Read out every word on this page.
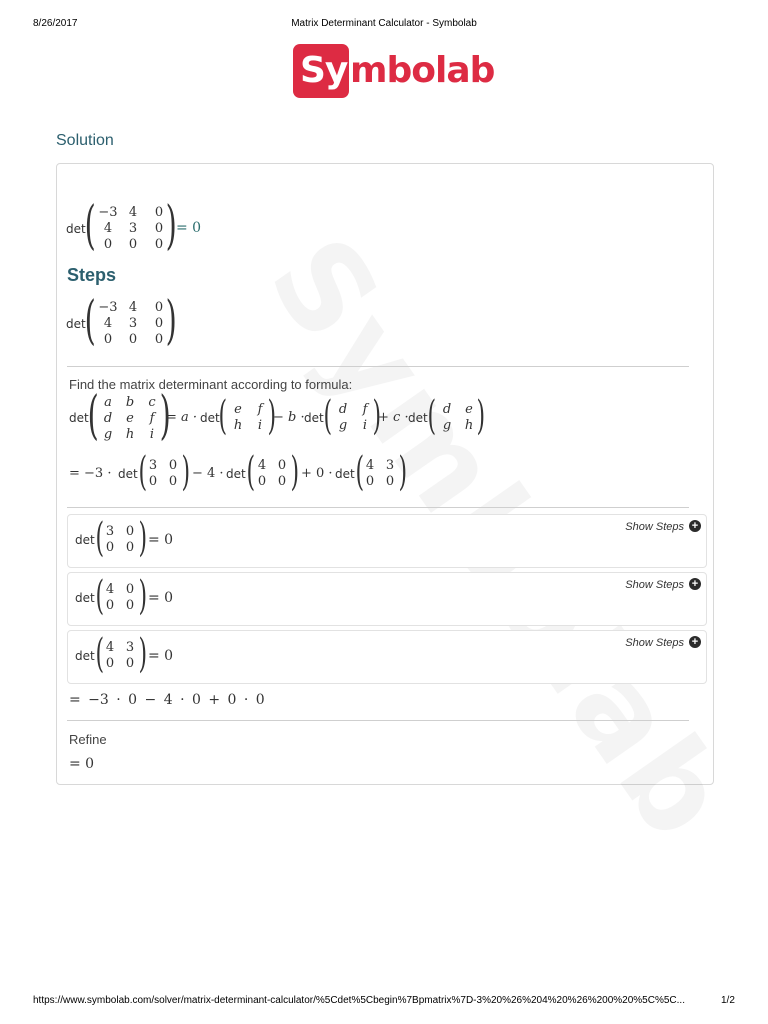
8/26/2017	Matrix Determinant Calculator - Symbolab
Sy mbolab
Solution
det
( −3 4	0
4	3	0
0	0	0 ) = 0
Steps
det
( −3 4	0
4	3	0
0	0	0 )
Find the matrix determinant according to formula:
det
( a	b	c
d	e	f
g	h	i )
= a · det
( e	f
h	i )
− b · det ( d	f
g	i )
+ c · det ( d	e
g	h )
= −3 · det ( 3 0
0 0 ) − 4 · det ( 4 0
0 0 ) + 0 · det ( 4 3
0 0 )
Show Steps +
Show Steps +
Show Steps +
det ( 3 0
0 0 ) = 0
det ( 4 0
0 0 ) = 0
det ( 4 3
0 0 ) = 0
= −3 · 0 − 4 · 0 + 0 · 0
Refine
= 0
https://www.symbolab.com/solver/matrix-determinant-calculator/%5Cdet%5Cbegin%7Bpmatrix%7D-3%20%26%204%20%26%200%20%5C%5C...	1/2
